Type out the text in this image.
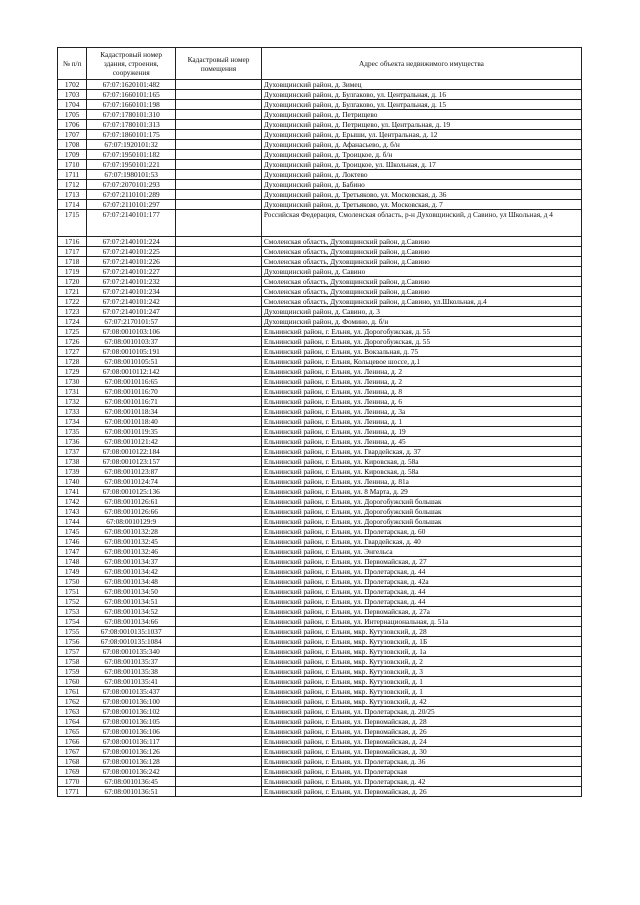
№ п/п	Кадастровый номер здания, строения, сооружения	Кадастровый номер помещения	Адрес объекта недвижимого имущества
1702	67:07:1620101:482		Духовщинский район, д. Зимец
1703	67:07:1660101:165		Духовщинский район, д. Булгаково, ул. Центральная, д. 16
1704	67:07:1660101:198		Духовщинский район, д. Булгаково, ул. Центральная, д. 15
1705	67:07:1780101:310		Духовщинский район, д. Петрищево
1706	67:07:1780101:313		Духовщинский район, д. Петрищево, ул. Центральная, д. 19
1707	67:07:1860101:175		Духовщинский район, д. Ерыши, ул. Центральная, д. 12
1708	67:07:1920101:32		Духовщинский район, д. Афанасьево, д. б/н
1709	67:07:1950101:182		Духовщинский район, д. Троицкое, д. б/н
1710	67:07:1950101:221		Духовщинский район, д. Троицкое, ул. Школьная, д. 17
1711	67:07:1980101:53		Духовщинский район, д. Локтево
1712	67:07:2070101:293		Духовщинский район, д. Бабино
1713	67:07:2110101:289		Духовщинский район, д. Третьяково, ул. Московская, д. 36
1714	67:07:2110101:297		Духовщинский район, д. Третьяково, ул. Московская, д. 7
1715	67:07:2140101:177		Российская Федерация, Смоленская область, р-н Духовщинский, д Савино, ул Школьная, д 4
1716	67:07:2140101:224		Смоленская область, Духовщинский район, д.Савино
1717	67:07:2140101:225		Смоленская область, Духовщинский район, д.Савино
1718	67:07:2140101:226		Смоленская область, Духовщинский район, д.Савино
1719	67:07:2140101:227		Духовщинский район, д. Савино
1720	67:07:2140101:232		Смоленская область, Духовщинский район, д.Савино
1721	67:07:2140101:234		Смоленская область, Духовщинский район, д.Савино
1722	67:07:2140101:242		Смоленская область, Духовщинский район, д.Савино, ул.Школьная, д.4
1723	67:07:2140101:247		Духовщинский район, д. Савино, д. 3
1724	67:07:2170101:57		Духовщинский район, д. Фомино, д. б/н
1725	67:08:0010103:106		Ельнинский район, г. Ельня, ул. Дорогобужская, д. 55
1726	67:08:0010103:37		Ельнинский район, г. Ельня, ул. Дорогобужская, д. 55
1727	67:08:0010105:191		Ельнинский район, г. Ельня, ул. Вокзальная, д. 75
1728	67:08:0010105:51		Ельнинский район, г. Ельня, Кольцевое шоссе, д.1
1729	67:08:0010112:142		Ельнинский район, г. Ельня, ул. Ленина, д. 2
1730	67:08:0010116:65		Ельнинский район, г. Ельня, ул. Ленина, д. 2
1731	67:08:0010116:70		Ельнинский район, г. Ельня, ул. Ленина, д. 8
1732	67:08:0010116:71		Ельнинский район, г. Ельня, ул. Ленина, д. 6
1733	67:08:0010118:34		Ельнинский район, г. Ельня, ул. Ленина, д. 3а
1734	67:08:0010118:40		Ельнинский район, г. Ельня, ул. Ленина, д. 1
1735	67:08:0010119:35		Ельнинский район, г. Ельня, ул. Ленина, д. 19
1736	67:08:0010121:42		Ельнинский район, г. Ельня, ул. Ленина, д. 45
1737	67:08:0010122:184		Ельнинский район, г. Ельня, ул. Гвардейская, д. 37
1738	67:08:0010123:157		Ельнинский район, г. Ельня, ул. Кировская, д. 58а
1739	67:08:0010123:87		Ельнинский район, г. Ельня, ул. Кировская, д. 58а
1740	67:08:0010124:74		Ельнинский район, г. Ельня, ул. Ленина, д. 81а
1741	67:08:0010125:136		Ельнинский район, г. Ельня, ул. 8 Марта, д. 29
1742	67:08:0010126:61		Ельнинский район, г. Ельня, ул. Дорогобужский большак
1743	67:08:0010126:66		Ельнинский район, г. Ельня, ул. Дорогобужский большак
1744	67:08:0010129:9		Ельнинский район, г. Ельня, ул. Дорогобужский большак
1745	67:08:0010132:28		Ельнинский район, г. Ельня, ул. Пролетарская, д. 60
1746	67:08:0010132:45		Ельнинский район, г. Ельня, ул. Гвардейская, д. 40
1747	67:08:0010132:46		Ельнинский район, г. Ельня, ул. Энгельса
1748	67:08:0010134:37		Ельнинский район, г. Ельня, ул. Первомайская, д. 27
1749	67:08:0010134:42		Ельнинский район, г. Ельня, ул. Пролетарская, д. 44
1750	67:08:0010134:48		Ельнинский район, г. Ельня, ул. Пролетарская, д. 42а
1751	67:08:0010134:50		Ельнинский район, г. Ельня, ул. Пролетарская, д. 44
1752	67:08:0010134:51		Ельнинский район, г. Ельня, ул. Пролетарская, д. 44
1753	67:08:0010134:52		Ельнинский район, г. Ельня, ул. Первомайская, д. 27а
1754	67:08:0010134:66		Ельнинский район, г. Ельня, ул. Интернациональная, д. 51а
1755	67:08:0010135:1037		Ельнинский район, г. Ельня, мкр. Кутузовский, д. 28
1756	67:08:0010135:1084		Ельнинский район, г. Ельня, мкр. Кутузовский, д. 1Б
1757	67:08:0010135:340		Ельнинский район, г. Ельня, мкр. Кутузовский, д. 1а
1758	67:08:0010135:37		Ельнинский район, г. Ельня, мкр. Кутузовский, д. 2
1759	67:08:0010135:38		Ельнинский район, г. Ельня, мкр. Кутузовский, д. 3
1760	67:08:0010135:41		Ельнинский район, г. Ельня, мкр. Кутузовский, д. 1
1761	67:08:0010135:437		Ельнинский район, г. Ельня, мкр. Кутузовский, д. 1
1762	67:08:0010136:100		Ельнинский район, г. Ельня, мкр. Кутузовский, д. 42
1763	67:08:0010136:102		Ельнинский район, г. Ельня, ул. Пролетарская, д. 20/25
1764	67:08:0010136:105		Ельнинский район, г. Ельня, ул. Первомайская, д. 28
1765	67:08:0010136:106		Ельнинский район, г. Ельня, ул. Первомайская, д. 26
1766	67:08:0010136:117		Ельнинский район, г. Ельня, ул. Первомайская, д. 24
1767	67:08:0010136:126		Ельнинский район, г. Ельня, ул. Первомайская, д. 30
1768	67:08:0010136:128		Ельнинский район, г. Ельня, ул. Пролетарская, д. 36
1769	67:08:0010136:242		Ельнинский район, г. Ельня, ул. Пролетарская
1770	67:08:0010136:45		Ельнинский район, г. Ельня, ул. Пролетарская, д. 42
1771	67:08:0010136:51		Ельнинский район, г. Ельня, ул. Первомайская, д. 26
